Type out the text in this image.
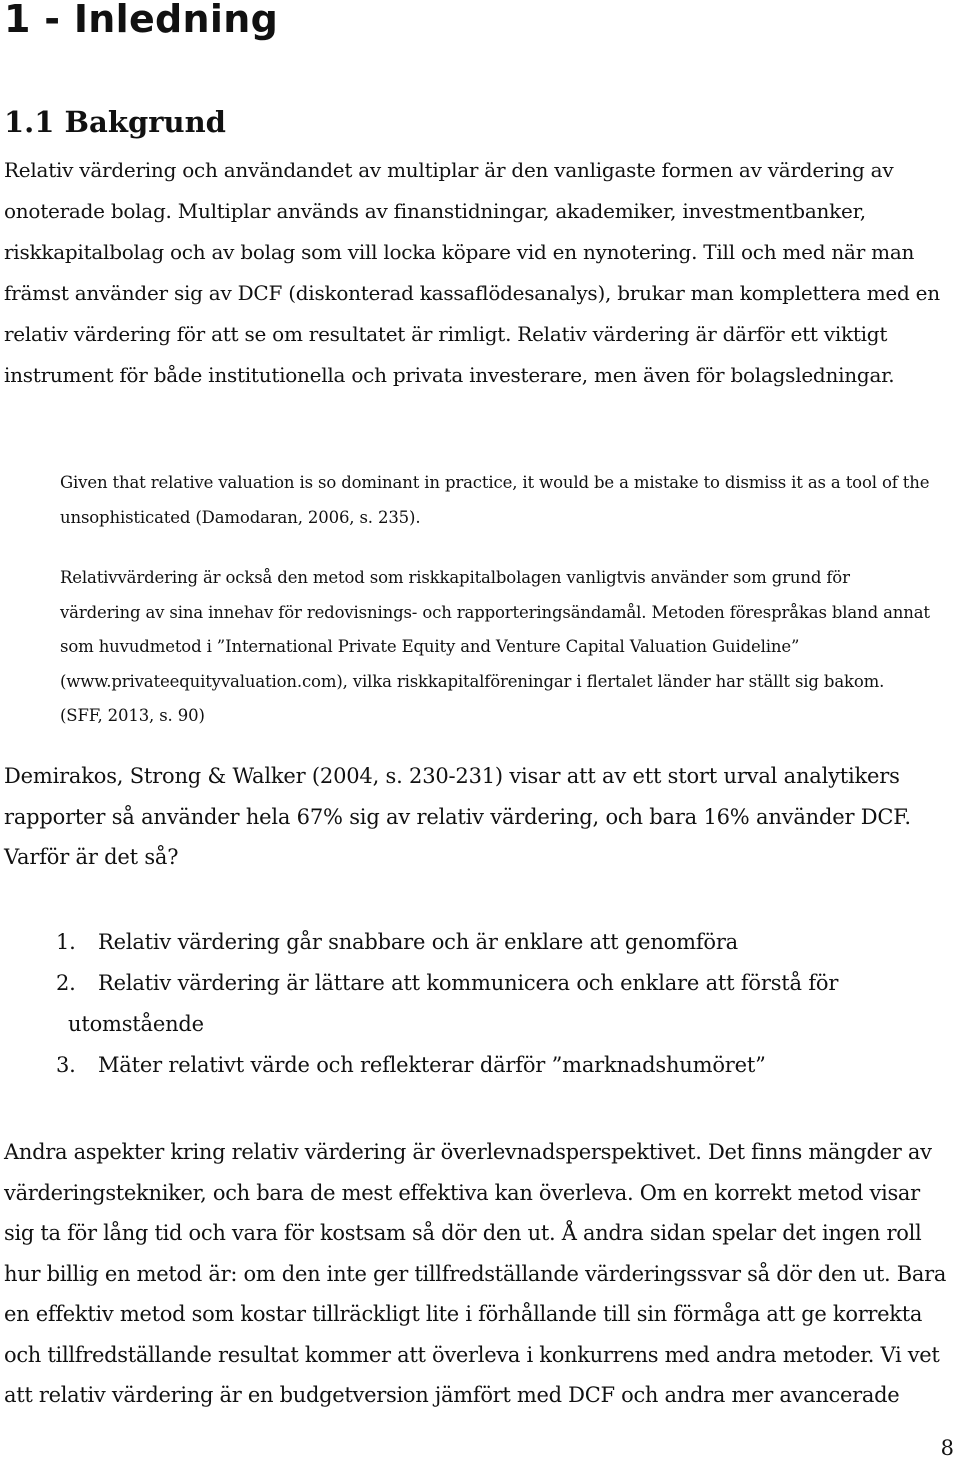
1 - Inledning
1.1 Bakgrund

Relativ värdering och användandet av multiplar är den vanligaste formen av värdering av onoterade bolag. Multiplar används av finanstidningar, akademiker, investmentbanker, riskkapitalbolag och av bolag som vill locka köpare vid en nynotering. Till och med när man främst använder sig av DCF (diskonterad kassaflödesanalys), brukar man komplettera med en relativ värdering för att se om resultatet är rimligt. Relativ värdering är därför ett viktigt instrument för både institutionella och privata investerare, men även för bolagsledningar.

Given that relative valuation is so dominant in practice, it would be a mistake to dismiss it as a tool of the unsophisticated (Damodaran, 2006, s. 235).

Relativvärdering är också den metod som riskkapitalbolagen vanligtvis använder som grund för värdering av sina innehav för redovisnings- och rapporteringsändamål. Metoden förespråkas bland annat som huvudmetod i ”International Private Equity and Venture Capital Valuation Guideline” (www.privateequityvaluation.com), vilka riskkapitalföreningar i flertalet länder har ställt sig bakom. (SFF, 2013, s. 90)

Demirakos, Strong & Walker (2004, s. 230-231) visar att av ett stort urval analytikers rapporter så använder hela 67% sig av relativ värdering, och bara 16% använder DCF. Varför är det så?

1.	Relativ värdering går snabbare och är enklare att genomföra
2.	Relativ värdering är lättare att kommunicera och enklare att förstå för
utomstående
3.	Mäter relativt värde och reflekterar därför ”marknadshumöret”

Andra aspekter kring relativ värdering är överlevnadsperspektivet. Det finns mängder av värderingstekniker, och bara de mest effektiva kan överleva. Om en korrekt metod visar sig ta för lång tid och vara för kostsam så dör den ut. Å andra sidan spelar det ingen roll hur billig en metod är: om den inte ger tillfredställande värderingssvar så dör den ut. Bara en effektiv metod som kostar tillräckligt lite i förhållande till sin förmåga att ge korrekta och tillfredställande resultat kommer att överleva i konkurrens med andra metoder. Vi vet att relativ värdering är en budgetversion jämfört med DCF och andra mer avancerade

8
